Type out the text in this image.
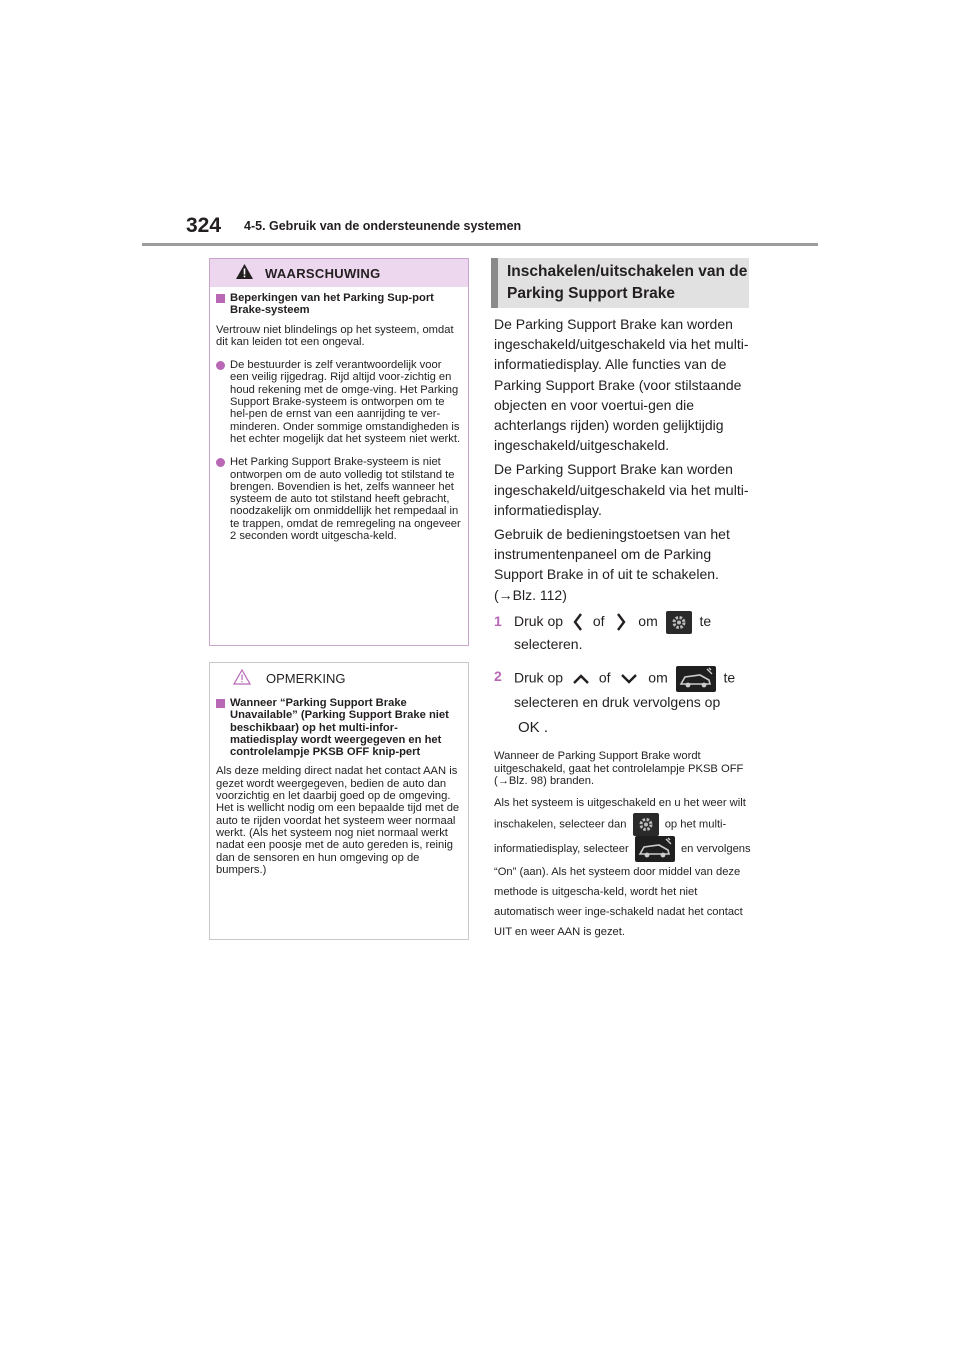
324 4-5. Gebruik van de ondersteunende systemen
WAARSCHUWING
Beperkingen van het Parking Sup-port Brake-systeem
Vertrouw niet blindelings op het systeem, omdat dit kan leiden tot een ongeval.
De bestuurder is zelf verantwoordelijk voor een veilig rijgedrag. Rijd altijd voor-zichtig en houd rekening met de omge-ving. Het Parking Support Brake-systeem is ontworpen om te hel-pen de ernst van een aanrijding te ver-minderen. Onder sommige omstandigheden is het echter mogelijk dat het systeem niet werkt.
Het Parking Support Brake-systeem is niet ontworpen om de auto volledig tot stilstand te brengen. Bovendien is het, zelfs wanneer het systeem de auto tot stilstand heeft gebracht, noodzakelijk om onmiddellijk het rempedaal in te trappen, omdat de remregeling na ongeveer 2 seconden wordt uitgescha-keld.
OPMERKING
Wanneer “Parking Support Brake Unavailable” (Parking Support Brake niet beschikbaar) op het multi-infor-matiedisplay wordt weergegeven en het controlelampje PKSB OFF knip-pert
Als deze melding direct nadat het contact AAN is gezet wordt weergegeven, bedien de auto dan voorzichtig en let daarbij goed op de omgeving. Het is wellicht nodig om een bepaalde tijd met de auto te rijden voordat het systeem weer normaal werkt. (Als het systeem nog niet normaal werkt nadat een poosje met de auto gereden is, reinig dan de sensoren en hun omgeving op de bumpers.)
Inschakelen/uitschakelen van de Parking Support Brake

De Parking Support Brake kan worden ingeschakeld/uitgeschakeld via het multi-informatiedisplay. Alle functies van de Parking Support Brake (voor stilstaande objecten en voor voertui-gen die achterlangs rijden) worden gelijktijdig ingeschakeld/uitgeschakeld.

De Parking Support Brake kan worden ingeschakeld/uitgeschakeld via het multi-informatiedisplay.

Gebruik de bedieningstoetsen van het instrumentenpaneel om de Parking Support Brake in of uit te schakelen.

(→Blz. 112)

1 Druk op of om	te selecteren.
2 Druk op	of	om	te selecteren en druk vervolgens op
OK .

Wanneer de Parking Support Brake wordt uitgeschakeld, gaat het controlelampje PKSB OFF (→Blz. 98) branden.

Als het systeem is uitgeschakeld en u het weer wilt inschakelen, selecteer dan	op het multi-informatiedisplay, selecteer	en vervolgens “On” (aan). Als het systeem door middel van deze methode is uitgescha-keld, wordt het niet automatisch weer inge-schakeld nadat het contact UIT en weer AAN is gezet.
